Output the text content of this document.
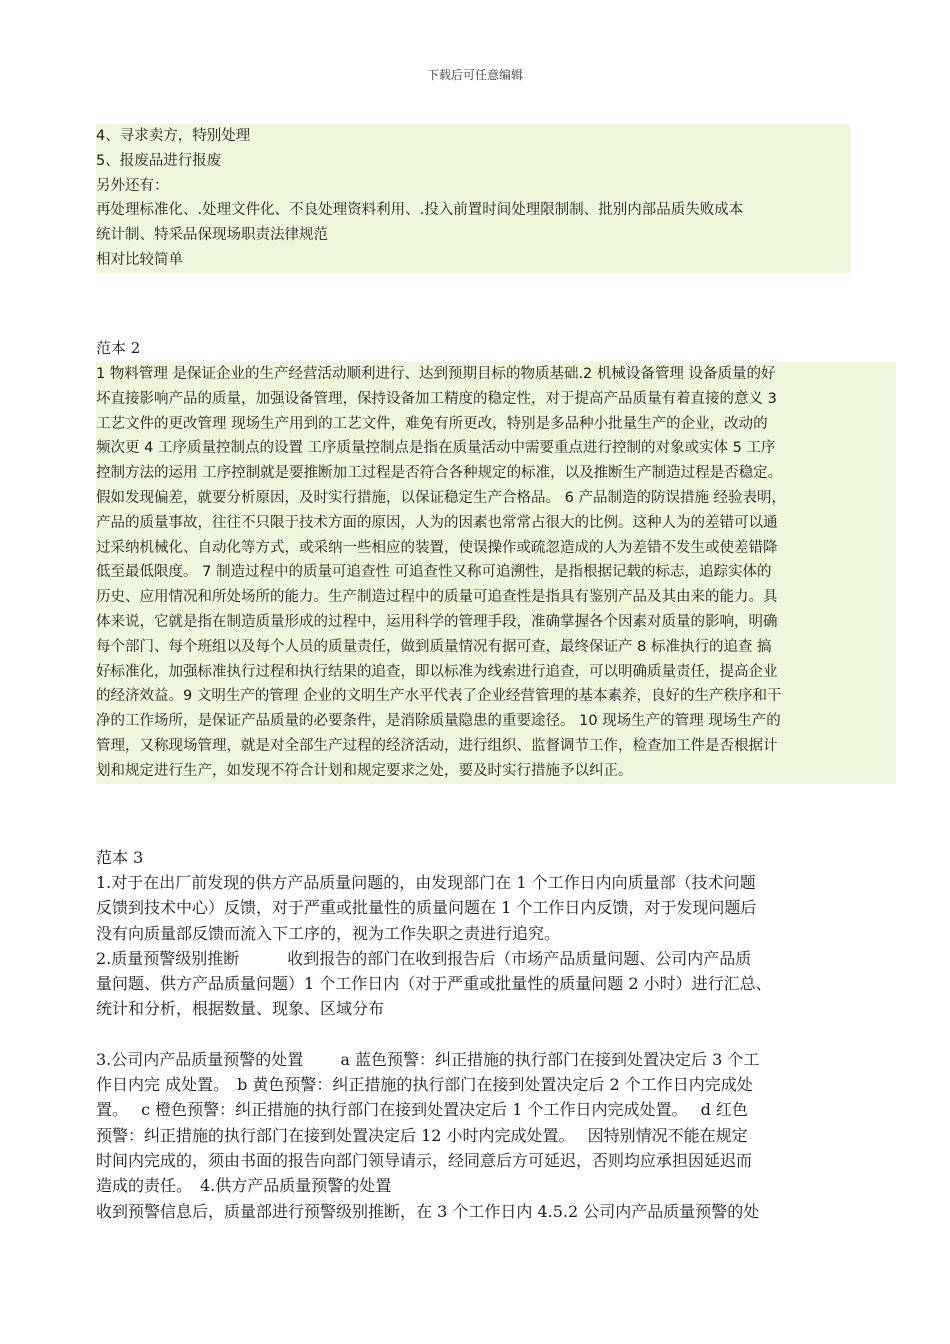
下载后可任意编辑
4、寻求卖方，特别处理
5、报废品进行报废
另外还有：
再处理标准化、.处理文件化、不良处理资料利用、.投入前置时间处理限制制、批别内部品质失败成本
统计制、特采品保现场职责法律规范
相对比较简单
范本 2
1 物料管理 是保证企业的生产经营活动顺利进行、达到预期目标的物质基础.2 机械设备管理 设备质量的好
坏直接影响产品的质量，加强设备管理，保持设备加工精度的稳定性，对于提高产品质量有着直接的意义 3
工艺文件的更改管理 现场生产用到的工艺文件，难免有所更改，特别是多品种小批量生产的企业，改动的
频次更 4 工序质量控制点的设置 工序质量控制点是指在质量活动中需要重点进行控制的对象或实体 5 工序
控制方法的运用 工序控制就是要推断加工过程是否符合各种规定的标准，以及推断生产制造过程是否稳定。
假如发现偏差，就要分析原因，及时实行措施，以保证稳定生产合格品。 6 产品制造的防误措施 经验表明，
产品的质量事故，往往不只限于技术方面的原因，人为的因素也常常占很大的比例。这种人为的差错可以通
过采纳机械化、自动化等方式，或采纳一些相应的装置，使误操作或疏忽造成的人为差错不发生或使差错降
低至最低限度。 7 制造过程中的质量可追查性 可追查性又称可追溯性，是指根据记载的标志，追踪实体的
历史、应用情况和所处场所的能力。生产制造过程中的质量可追查性是指具有鉴别产品及其由来的能力。具
体来说，它就是指在制造质量形成的过程中，运用科学的管理手段，准确掌握各个因素对质量的影响，明确
每个部门、每个班组以及每个人员的质量责任，做到质量情况有据可查，最终保证产 8 标准执行的追查 搞
好标准化，加强标准执行过程和执行结果的追查，即以标准为线索进行追查，可以明确质量责任，提高企业
的经济效益。9 文明生产的管理 企业的文明生产水平代表了企业经营管理的基本素养，良好的生产秩序和干
净的工作场所，是保证产品质量的必要条件，是消除质量隐患的重要途径。 10 现场生产的管理 现场生产的
管理，又称现场管理，就是对全部生产过程的经济活动，进行组织、监督调节工作，检查加工件是否根据计
划和规定进行生产，如发现不符合计划和规定要求之处，要及时实行措施予以纠正。
范本 3
1.对于在出厂前发现的供方产品质量问题的，由发现部门在 1 个工作日内向质量部（技术问题
反馈到技术中心）反馈，对于严重或批量性的质量问题在 1 个工作日内反馈，对于发现问题后
没有向质量部反馈而流入下工序的，视为工作失职之责进行追究。
2.质量预警级别推断　　　收到报告的部门在收到报告后（市场产品质量问题、公司内产品质
量问题、供方产品质量问题）1 个工作日内（对于严重或批量性的质量问题 2 小时）进行汇总、
统计和分析，根据数量、现象、区域分布
3.公司内产品质量预警的处置　　 a 蓝色预警：纠正措施的执行部门在接到处置决定后 3 个工
作日内完 成处置。　b 黄色预警：纠正措施的执行部门在接到处置决定后 2 个工作日内完成处
置。　 c 橙色预警：纠正措施的执行部门在接到处置决定后 1 个工作日内完成处置。　 d 红色
预警：纠正措施的执行部门在接到处置决定后 12 小时内完成处置。　 因特别情况不能在规定
时间内完成的，须由书面的报告向部门领导请示，经同意后方可延迟，否则均应承担因延迟而
造成的责任。　4.供方产品质量预警的处置
收到预警信息后，质量部进行预警级别推断，在 3 个工作日内 4.5.2 公司内产品质量预警的处
